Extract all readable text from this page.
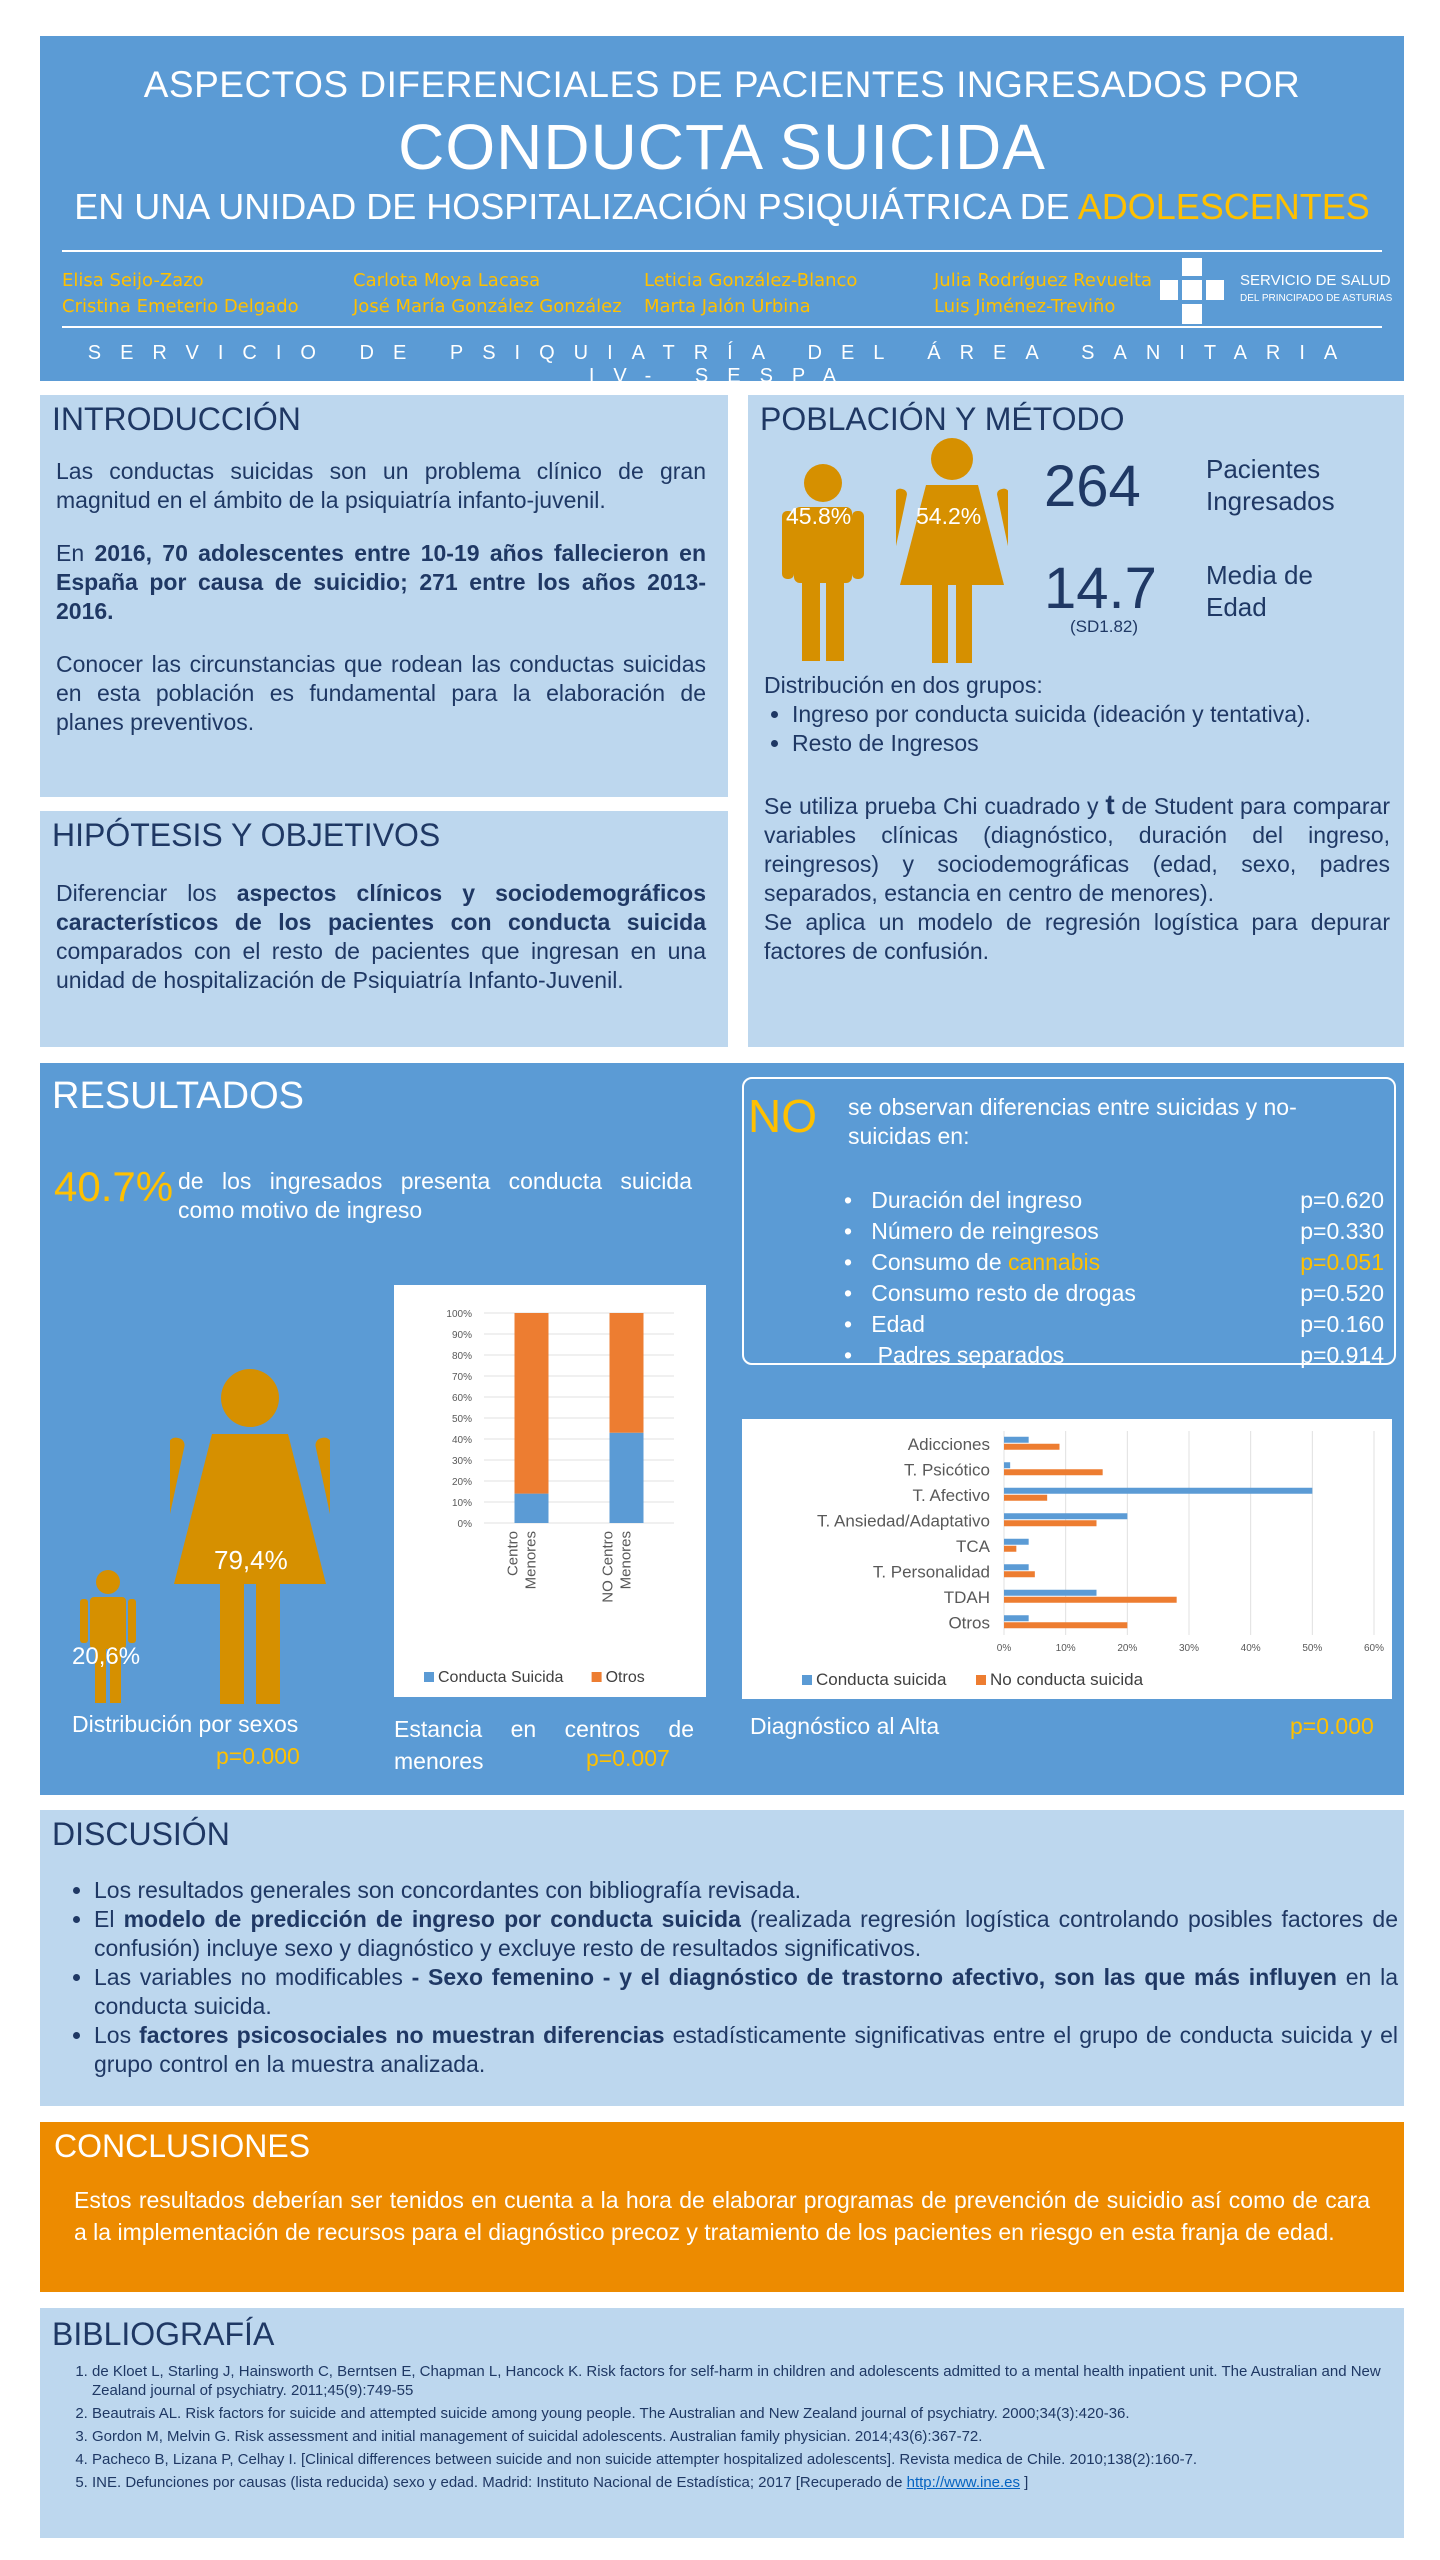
ASPECTOS DIFERENCIALES DE PACIENTES INGRESADOS POR
CONDUCTA SUICIDA
EN UNA UNIDAD DE HOSPITALIZACIÓN PSIQUIÁTRICA DE ADOLESCENTES
Elisa Seijo-Zazo
Cristina Emeterio Delgado
Carlota Moya Lacasa
José María González González
Leticia González-Blanco
Marta Jalón Urbina
Julia Rodríguez Revuelta
Luis Jiménez-Treviño
SERVICIO DE SALUD
DEL PRINCIPADO DE ASTURIAS
SERVICIO DE PSIQUIATRÍA DEL ÁREA SANITARIA IV- SESPA
INTRODUCCIÓN
Las conductas suicidas son un problema clínico de gran magnitud en el ámbito de la psiquiatría infanto-juvenil.
En 2016, 70 adolescentes entre 10-19 años fallecieron en España por causa de suicidio; 271 entre los años 2013-2016.
Conocer las circunstancias que rodean las conductas suicidas en esta población es fundamental para la elaboración de planes preventivos.
HIPÓTESIS Y OBJETIVOS
Diferenciar los aspectos clínicos y sociodemográficos característicos de los pacientes con conducta suicida comparados con el resto de pacientes que ingresan en una unidad de hospitalización de Psiquiatría Infanto-Juvenil.
POBLACIÓN Y MÉTODO
45.8%	54.2% 264	Pacientes Ingresados
14.7
(SD1.82)
Media de Edad
Distribución en dos grupos:
• Ingreso por conducta suicida (ideación y tentativa).
• Resto de Ingresos
Se utiliza prueba Chi cuadrado y t de Student para comparar variables clínicas (diagnóstico, duración del ingreso, reingresos) y sociodemográficas (edad, sexo, padres separados, estancia en centro de menores).
Se aplica un modelo de regresión logística para depurar factores de confusión.
RESULTADOS
40.7% de los ingresados presenta conducta suicida como motivo de ingreso
20,6%
79,4%
Distribución por sexos
p=0.000
0%
10%
20%
30%
40%
50%
60%
70%
80%
90%
100%
CentroMenores	NO CentroMenores
Conducta Suicida	Otros
Estancia en centros de menores	p=0.007
NO se observan diferencias entre suicidas y no-suicidas en:
•   Duración del ingreso	p=0.620
•   Número de reingresos	p=0.330
•   Consumo de cannabis	p=0.051
•   Consumo resto de drogas	p=0.520
•   Edad	p=0.160
•    Padres separados	p=0.914
0%	10%	20%	30%	40%	50%	60%
Adicciones
T. Psicótico
T. Afectivo
T. Ansiedad/Adaptativo
TCA
T. Personalidad
TDAH
Otros
Conducta suicida	No conducta suicida
Diagnóstico al Alta	p=0.000
DISCUSIÓN
• Los resultados generales son concordantes con bibliografía revisada.
• El modelo de predicción de ingreso por conducta suicida (realizada regresión logística controlando posibles factores de confusión) incluye sexo y diagnóstico y excluye resto de resultados significativos.
• Las variables no modificables - Sexo femenino - y el diagnóstico de trastorno afectivo, son las que más influyen en la conducta suicida.
• Los factores psicosociales no muestran diferencias estadísticamente significativas entre el grupo de conducta suicida y el grupo control en la muestra analizada.
CONCLUSIONES
Estos resultados deberían ser tenidos en cuenta a la hora de elaborar programas de prevención de suicidio así como de cara a la implementación de recursos para el diagnóstico precoz y tratamiento de los pacientes en riesgo en esta franja de edad.
BIBLIOGRAFÍA
1. de Kloet L, Starling J, Hainsworth C, Berntsen E, Chapman L, Hancock K. Risk factors for self-harm in children and adolescents admitted to a mental health inpatient unit. The Australian and New Zealand journal of psychiatry. 2011;45(9):749-55
2. Beautrais AL. Risk factors for suicide and attempted suicide among young people. The Australian and New Zealand journal of psychiatry. 2000;34(3):420-36.
3. Gordon M, Melvin G. Risk assessment and initial management of suicidal adolescents. Australian family physician. 2014;43(6):367-72.
4. Pacheco B, Lizana P, Celhay I. [Clinical differences between suicide and non suicide attempter hospitalized adolescents]. Revista medica de Chile. 2010;138(2):160-7.
5. INE. Defunciones por causas (lista reducida) sexo y edad. Madrid: Instituto Nacional de Estadística; 2017 [Recuperado de http://www.ine.es ]
